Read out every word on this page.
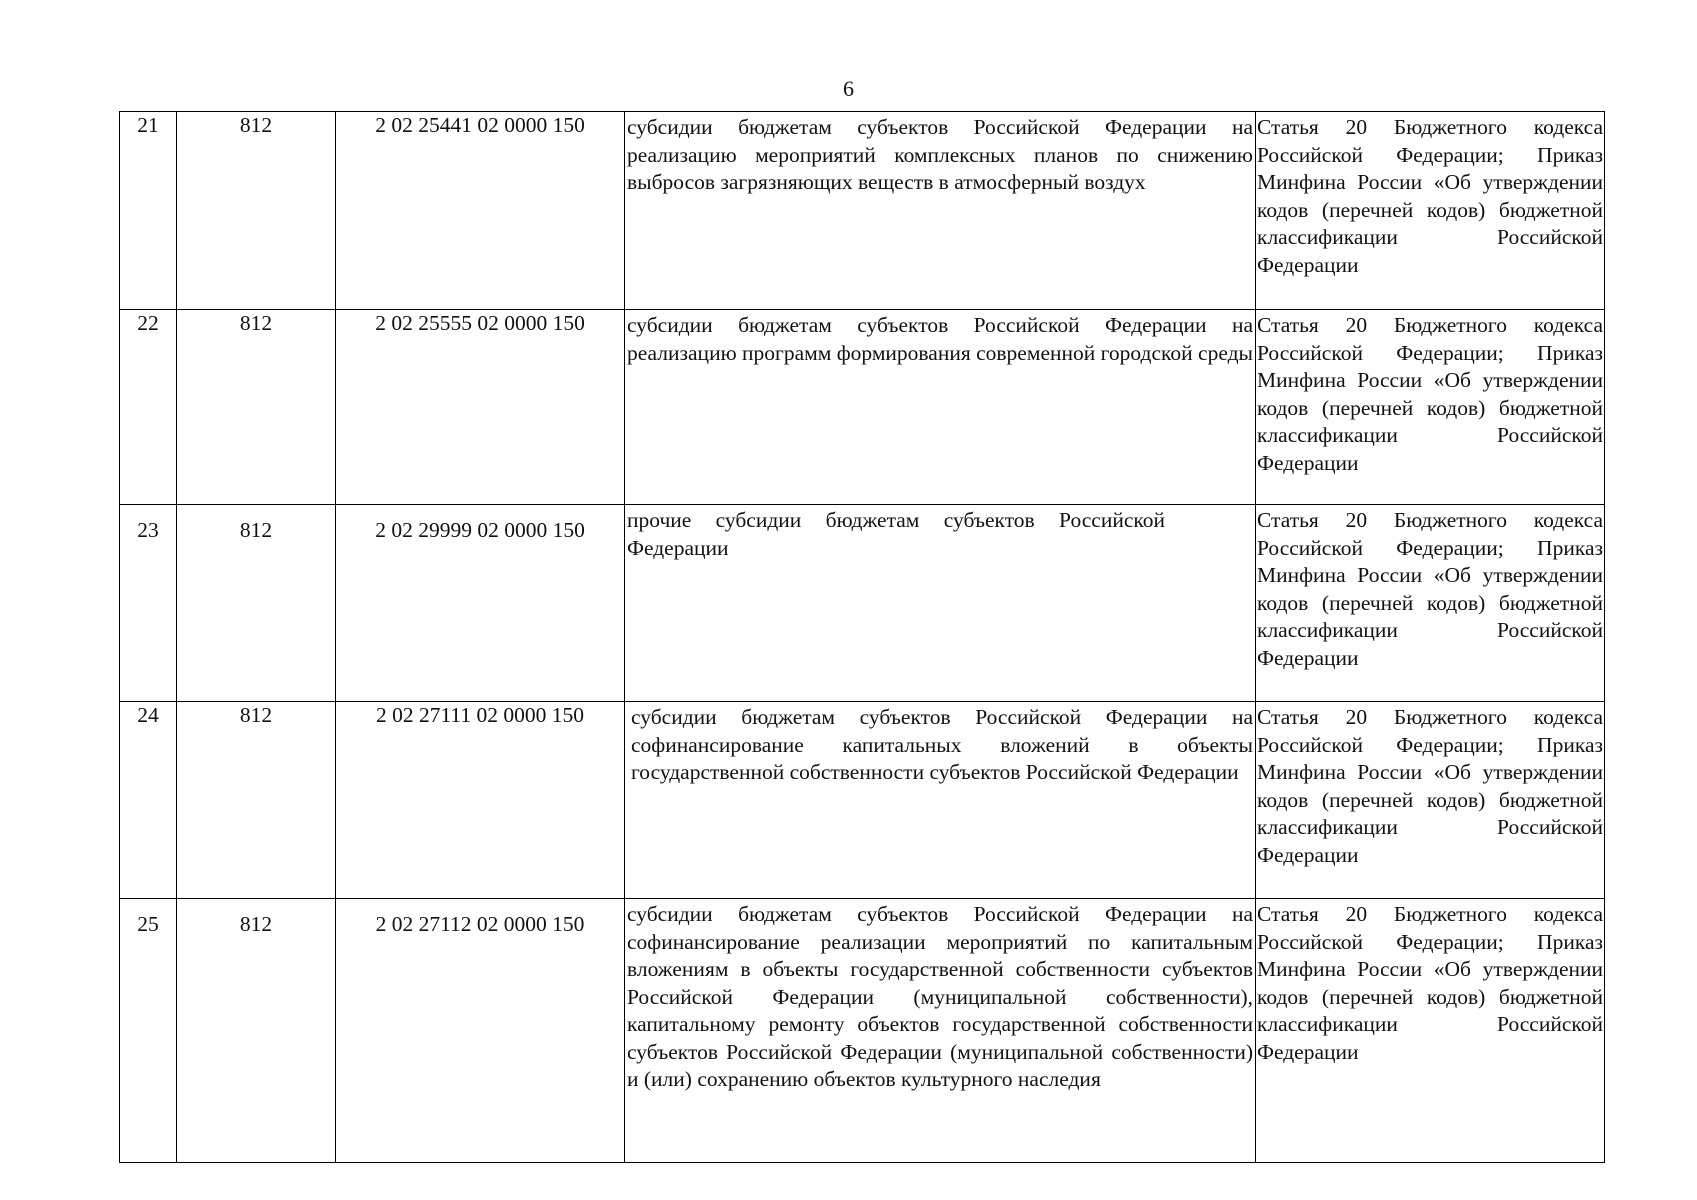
6
21	812	2 02 25441 02 0000 150	субсидии бюджетам субъектов Российской Федерации на реализацию мероприятий комплексных планов по снижению выбросов загрязняющих веществ в атмосферный воздух	Статья 20 Бюджетного кодекса Российской Федерации; Приказ Минфина России «Об утверждении кодов (перечней кодов) бюджетной классификации Российской Федерации

22	812	2 02 25555 02 0000 150	субсидии бюджетам субъектов Российской Федерации на реализацию программ формирования современной городской среды	Статья 20 Бюджетного кодекса Российской Федерации; Приказ Минфина России «Об утверждении кодов (перечней кодов) бюджетной классификации Российской Федерации

23	812	2 02 29999 02 0000 150	прочие субсидии бюджетам субъектов Российской Федерации	Статья 20 Бюджетного кодекса Российской Федерации; Приказ Минфина России «Об утверждении кодов (перечней кодов) бюджетной классификации Российской Федерации

24	812	2 02 27111 02 0000 150	субсидии бюджетам субъектов Российской Федерации на софинансирование капитальных вложений в объекты государственной собственности субъектов Российской Федерации	Статья 20 Бюджетного кодекса Российской Федерации; Приказ Минфина России «Об утверждении кодов (перечней кодов) бюджетной классификации Российской Федерации

25	812	2 02 27112 02 0000 150	субсидии бюджетам субъектов Российской Федерации на софинансирование реализации мероприятий по капитальным вложениям в объекты государственной собственности субъектов Российской Федерации (муниципальной собственности), капитальному ремонту объектов государственной собственности субъектов Российской Федерации (муниципальной собственности) и (или) сохранению объектов культурного наследия	Статья 20 Бюджетного кодекса Российской Федерации; Приказ Минфина России «Об утверждении кодов (перечней кодов) бюджетной классификации Российской Федерации
